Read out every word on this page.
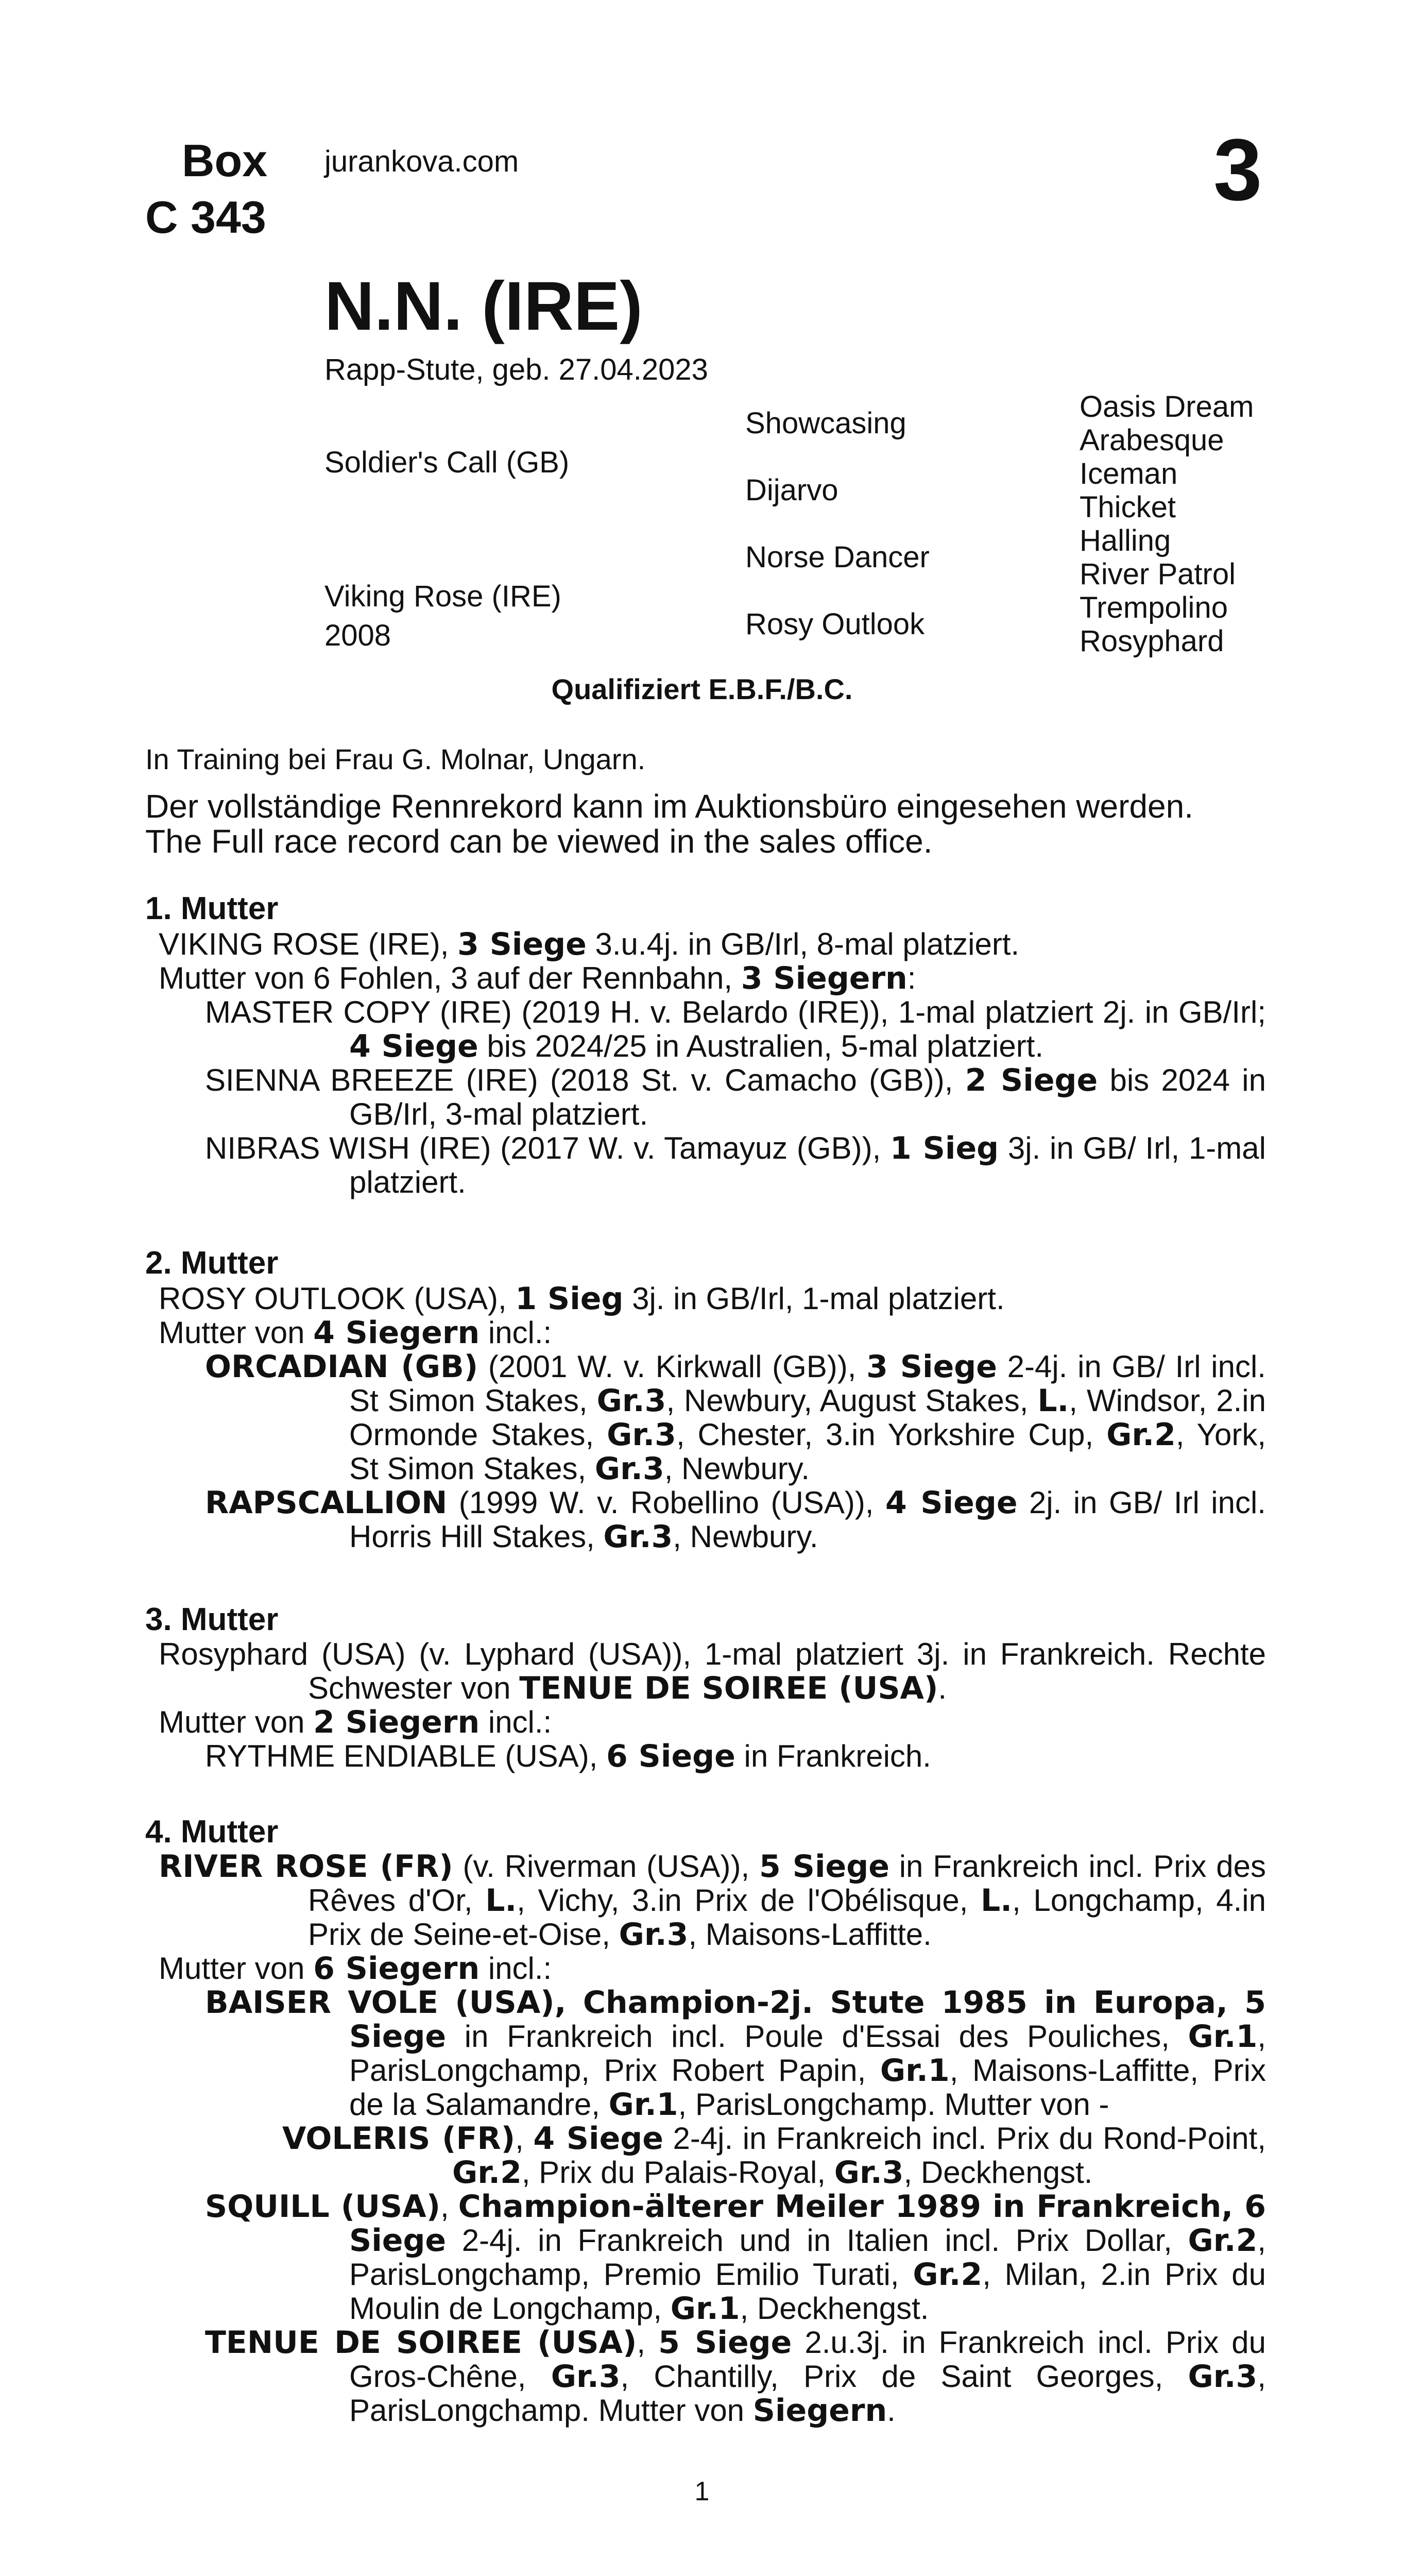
Box
C 343
jurankova.com	3
N.N. (IRE)
Rapp-Stute, geb. 27.04.2023
Soldier's Call (GB)
Viking Rose (IRE)
2008
Showcasing
Dijarvo
Norse Dancer
Rosy Outlook
Oasis Dream
Arabesque
Iceman
Thicket
Halling
River Patrol
Trempolino
Rosyphard
Qualifiziert E.B.F./B.C.
In Training bei Frau G. Molnar, Ungarn.
Der vollständige Rennrekord kann im Auktionsbüro eingesehen werden.
The Full race record can be viewed in the sales office.
1. Mutter

VIKING ROSE (IRE), 3 Siege 3.u.4j. in GB/Irl, 8-mal platziert.

Mutter von 6 Fohlen, 3 auf der Rennbahn, 3 Siegern:

MASTER COPY (IRE) (2019 H. v. Belardo (IRE)), 1-mal platziert 2j. in GB/Irl; 4 Siege bis 2024/25 in Australien, 5-mal platziert.

SIENNA BREEZE (IRE) (2018 St. v. Camacho (GB)), 2 Siege bis 2024 in GB/Irl, 3-mal platziert.

NIBRAS WISH (IRE) (2017 W. v. Tamayuz (GB)), 1 Sieg 3j. in GB/ Irl, 1-mal platziert.

2. Mutter

ROSY OUTLOOK (USA), 1 Sieg 3j. in GB/Irl, 1-mal platziert.

Mutter von 4 Siegern incl.:

ORCADIAN (GB) (2001 W. v. Kirkwall (GB)), 3 Siege 2-4j. in GB/ Irl incl. St Simon Stakes, Gr.3, Newbury, August Stakes, L., Windsor, 2.in Ormonde Stakes, Gr.3, Chester, 3.in Yorkshire Cup, Gr.2, York, St Simon Stakes, Gr.3, Newbury.

RAPSCALLION (1999 W. v. Robellino (USA)), 4 Siege 2j. in GB/ Irl incl. Horris Hill Stakes, Gr.3, Newbury.

3. Mutter

Rosyphard (USA) (v. Lyphard (USA)), 1-mal platziert 3j. in Frankreich. Rechte Schwester von TENUE DE SOIREE (USA).

Mutter von 2 Siegern incl.:

RYTHME ENDIABLE (USA), 6 Siege in Frankreich.

4. Mutter

RIVER ROSE (FR) (v. Riverman (USA)), 5 Siege in Frankreich incl. Prix des Rêves d'Or, L., Vichy, 3.in Prix de l'Obélisque, L., Longchamp, 4.in Prix de Seine-et-Oise, Gr.3, Maisons-Laffitte.

Mutter von 6 Siegern incl.:

BAISER VOLE (USA), Champion-2j. Stute 1985 in Europa, 5 Siege in Frankreich incl. Poule d'Essai des Pouliches, Gr.1, ParisLongchamp, Prix Robert Papin, Gr.1, Maisons-Laffitte, Prix de la Salamandre, Gr.1, ParisLongchamp. Mutter von -

VOLERIS (FR), 4 Siege 2-4j. in Frankreich incl. Prix du Rond-Point, Gr.2, Prix du Palais-Royal, Gr.3, Deckhengst.

SQUILL (USA), Champion-älterer Meiler 1989 in Frankreich, 6 Siege 2-4j. in Frankreich und in Italien incl. Prix Dollar, Gr.2, ParisLongchamp, Premio Emilio Turati, Gr.2, Milan, 2.in Prix du Moulin de Longchamp, Gr.1, Deckhengst.

TENUE DE SOIREE (USA), 5 Siege 2.u.3j. in Frankreich incl. Prix du Gros-Chêne, Gr.3, Chantilly, Prix de Saint Georges, Gr.3, ParisLongchamp. Mutter von Siegern.

1
